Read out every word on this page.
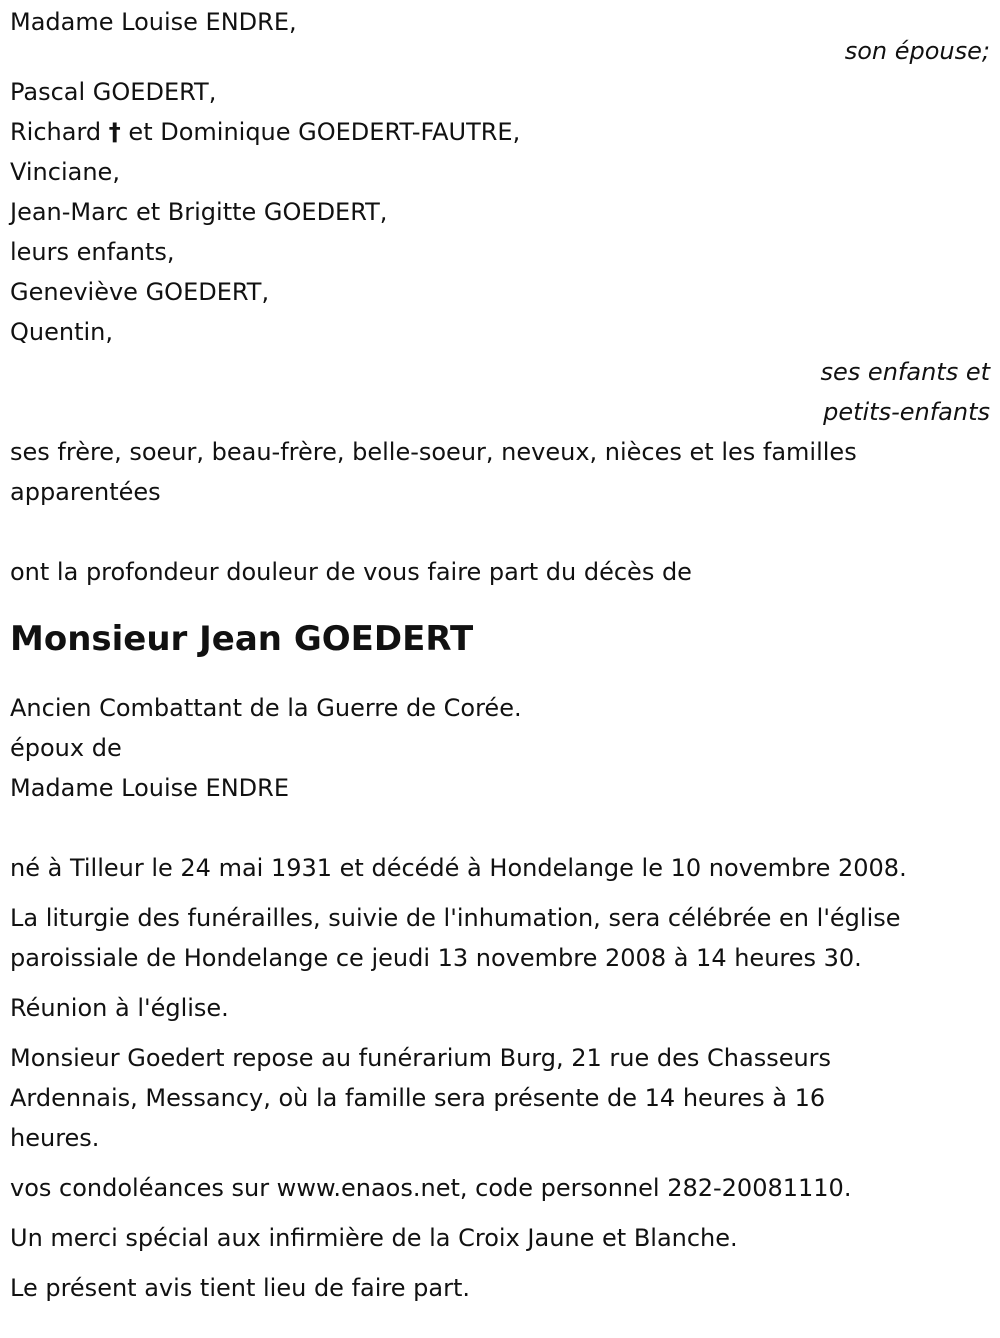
Madame Louise ENDRE,
son épouse;
Pascal GOEDERT,
Richard † et Dominique GOEDERT-FAUTRE,
Vinciane,
Jean-Marc et Brigitte GOEDERT,
leurs enfants,
Geneviève GOEDERT,
Quentin,
ses enfants et
petits-enfants
ses frère, soeur, beau-frère, belle-soeur, neveux, nièces et les familles
apparentées
ont la profondeur douleur de vous faire part du décès de
Monsieur Jean GOEDERT
Ancien Combattant de la Guerre de Corée.
époux de
Madame Louise ENDRE
né à Tilleur le 24 mai 1931 et décédé à Hondelange le 10 novembre 2008.
La liturgie des funérailles, suivie de l'inhumation, sera célébrée en l'église
paroissiale de Hondelange ce jeudi 13 novembre 2008 à 14 heures 30.
Réunion à l'église.
Monsieur Goedert repose au funérarium Burg, 21 rue des Chasseurs
Ardennais, Messancy, où la famille sera présente de 14 heures à 16
heures.
vos condoléances sur www.enaos.net, code personnel 282-20081110.
Un merci spécial aux infirmière de la Croix Jaune et Blanche.
Le présent avis tient lieu de faire part.
